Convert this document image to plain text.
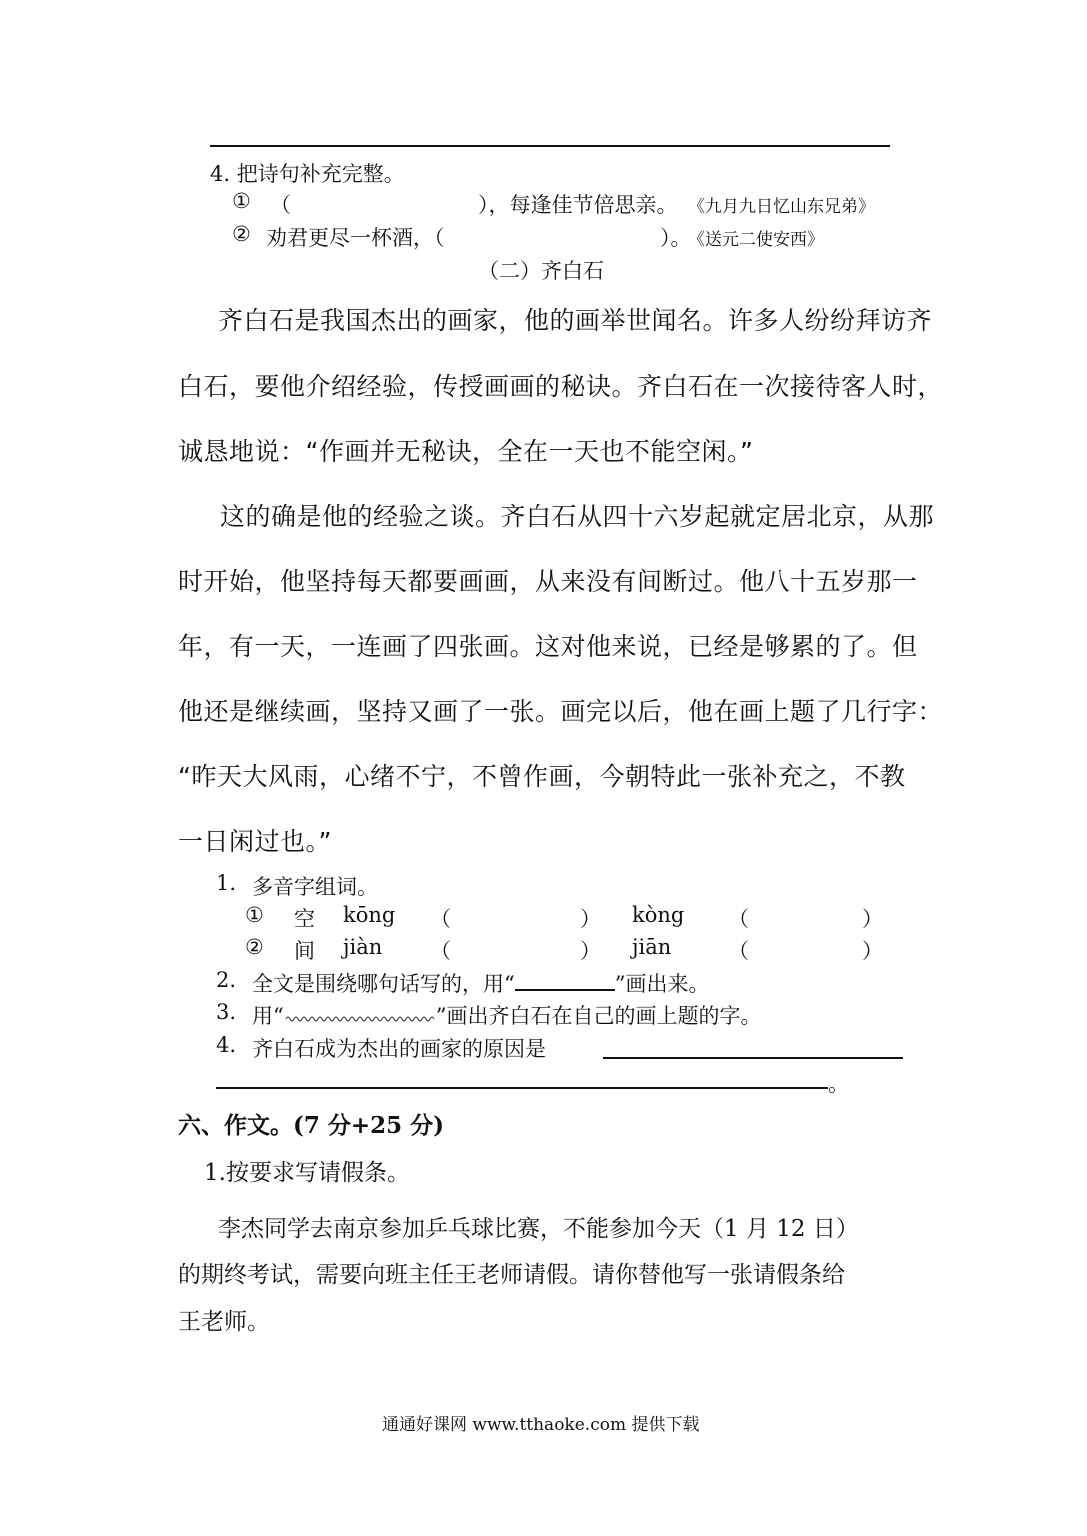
4. 把诗句补充完整。
① （	），每逢佳节倍思亲。 《九月九日忆山东兄弟》
② 劝君更尽一杯酒，（	）。
《送元二使安西》
（二）齐白石
齐白石是我国杰出的画家，他的画举世闻名。许多人纷纷拜访齐
白石，要他介绍经验，传授画画的秘诀。齐白石在一次接待客人时，
诚恳地说：“作画并无秘诀，全在一天也不能空闲。”
这的确是他的经验之谈。齐白石从四十六岁起就定居北京，从那
时开始，他坚持每天都要画画，从来没有间断过。他八十五岁那一
年，有一天，一连画了四张画。这对他来说，已经是够累的了。但
他还是继续画，坚持又画了一张。画完以后，他在画上题了几行字：
“昨天大风雨，心绪不宁，不曾作画，今朝特此一张补充之，不教
一日闲过也。”
1. 多音字组词。
① 空 kōng （	） kòng （	）
② 间 jiàn （	） jiān	（	）
2. 全文是围绕哪句话写的，用“	”画出来。
3. 用“	”画出齐白石在自己的画上题的字。
4. 齐白石成为杰出的画家的原因是
。
六、作文。(7 分+25 分)
1.按要求写请假条。
李杰同学去南京参加乒乓球比赛，不能参加今天（1 月 12 日）
的期终考试，需要向班主任王老师请假。请你替他写一张请假条给
王老师。
通通好课网 www.tthaoke.com 提供下载
